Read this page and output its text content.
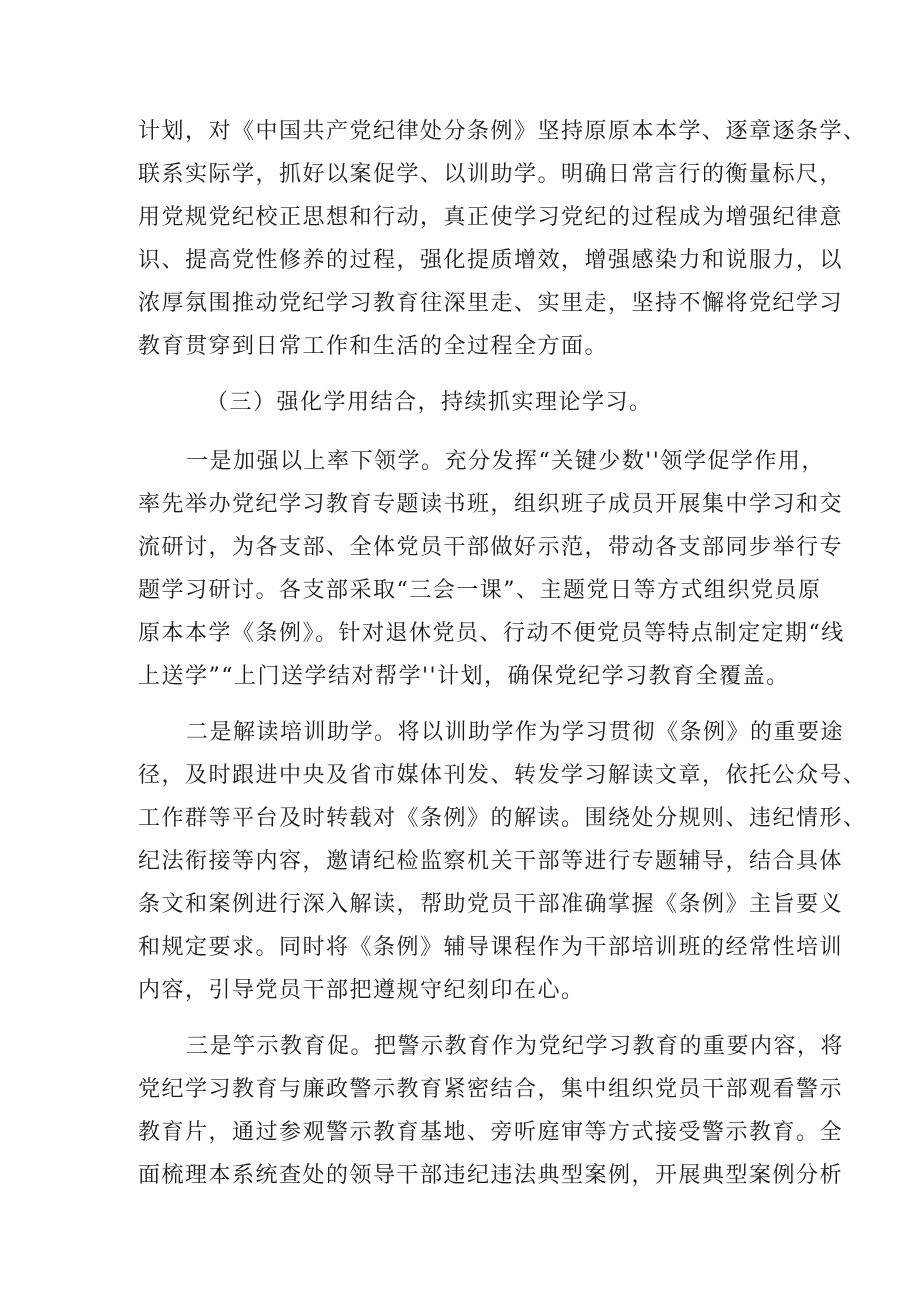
计划，对《中国共产党纪律处分条例》坚持原原本本学、逐章逐条学、
联系实际学，抓好以案促学、以训助学。明确日常言行的衡量标尺，
用党规党纪校正思想和行动，真正使学习党纪的过程成为增强纪律意
识、提高党性修养的过程，强化提质增效，增强感染力和说服力，以
浓厚氛围推动党纪学习教育往深里走、实里走，坚持不懈将党纪学习
教育贯穿到日常工作和生活的全过程全方面。
（三）强化学用结合，持续抓实理论学习。
一是加强以上率下领学。充分发挥“关键少数''领学促学作用，
率先举办党纪学习教育专题读书班，组织班子成员开展集中学习和交
流研讨，为各支部、全体党员干部做好示范，带动各支部同步举行专
题学习研讨。各支部采取“三会一课”、主题党日等方式组织党员原
原本本学《条例》。针对退休党员、行动不便党员等特点制定定期“线
上送学”“上门送学结对帮学''计划，确保党纪学习教育全覆盖。
二是解读培训助学。将以训助学作为学习贯彻《条例》的重要途
径，及时跟进中央及省市媒体刊发、转发学习解读文章，依托公众号、
工作群等平台及时转载对《条例》的解读。围绕处分规则、违纪情形、
纪法衔接等内容，邀请纪检监察机关干部等进行专题辅导，结合具体
条文和案例进行深入解读，帮助党员干部准确掌握《条例》主旨要义
和规定要求。同时将《条例》辅导课程作为干部培训班的经常性培训
内容，引导党员干部把遵规守纪刻印在心。
三是竽示教育促。把警示教育作为党纪学习教育的重要内容，将
党纪学习教育与廉政警示教育紧密结合，集中组织党员干部观看警示
教育片，通过参观警示教育基地、旁听庭审等方式接受警示教育。全
面梳理本系统查处的领导干部违纪违法典型案例，开展典型案例分析
